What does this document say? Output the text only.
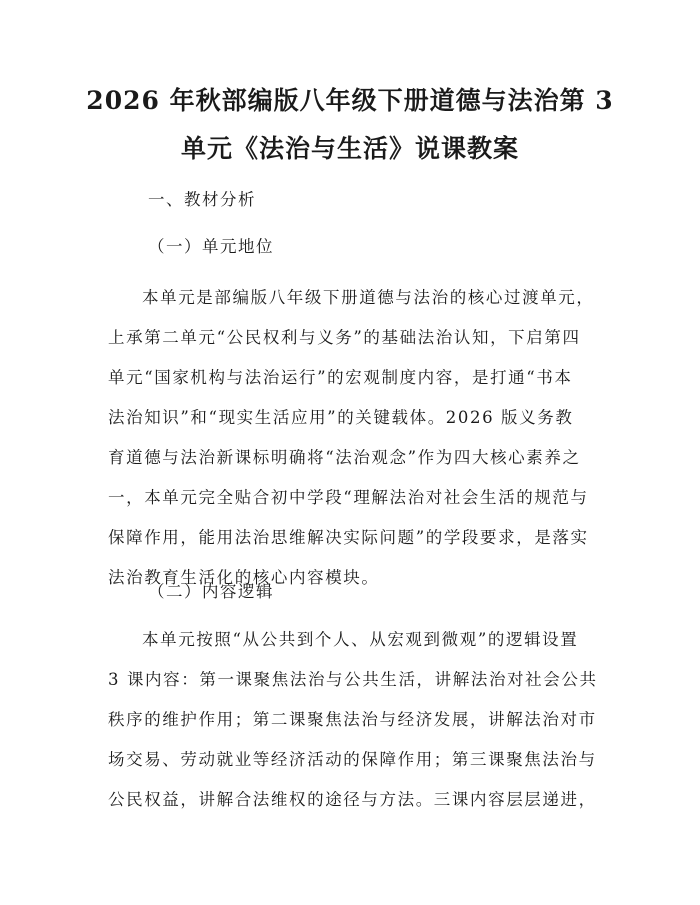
2026 年秋部编版八年级下册道德与法治第 3
单元《法治与生活》说课教案
一、教材分析
（一）单元地位
本单元是部编版八年级下册道德与法治的核心过渡单元，
上承第二单元“公民权利与义务”的基础法治认知，下启第四
单元“国家机构与法治运行”的宏观制度内容，是打通“书本
法治知识”和“现实生活应用”的关键载体。2026 版义务教
育道德与法治新课标明确将“法治观念”作为四大核心素养之
一，本单元完全贴合初中学段“理解法治对社会生活的规范与
保障作用，能用法治思维解决实际问题”的学段要求，是落实
法治教育生活化的核心内容模块。
（二）内容逻辑
本单元按照“从公共到个人、从宏观到微观”的逻辑设置
3 课内容：第一课聚焦法治与公共生活，讲解法治对社会公共
秩序的维护作用；第二课聚焦法治与经济发展，讲解法治对市
场交易、劳动就业等经济活动的保障作用；第三课聚焦法治与
公民权益，讲解合法维权的途径与方法。三课内容层层递进，
